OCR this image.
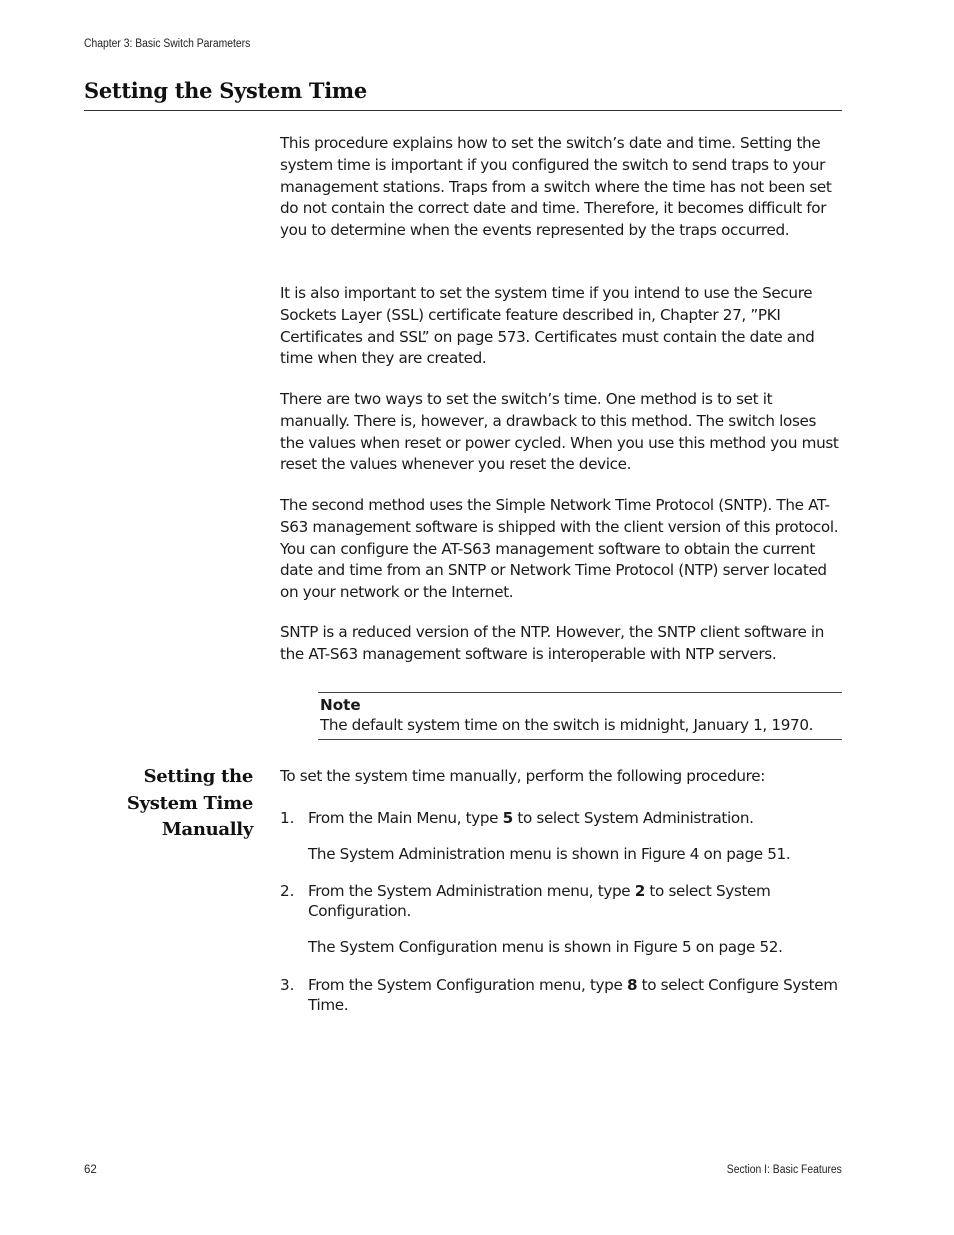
Chapter 3: Basic Switch Parameters
Setting the System Time

This procedure explains how to set the switch’s date and time. Setting the system time is important if you configured the switch to send traps to your management stations. Traps from a switch where the time has not been set do not contain the correct date and time. Therefore, it becomes difficult for you to determine when the events represented by the traps occurred.

It is also important to set the system time if you intend to use the Secure Sockets Layer (SSL) certificate feature described in, Chapter 27, ”PKI Certificates and SSL” on page 573. Certificates must contain the date and time when they are created.

There are two ways to set the switch’s time. One method is to set it manually. There is, however, a drawback to this method. The switch loses the values when reset or power cycled. When you use this method you must reset the values whenever you reset the device.

The second method uses the Simple Network Time Protocol (SNTP). The AT-S63 management software is shipped with the client version of this protocol. You can configure the AT-S63 management software to obtain the current date and time from an SNTP or Network Time Protocol (NTP) server located on your network or the Internet.

SNTP is a reduced version of the NTP. However, the SNTP client software in the AT-S63 management software is interoperable with NTP servers.

Note
The default system time on the switch is midnight, January 1, 1970.
Setting the
System Time
Manually
To set the system time manually, perform the following procedure:
1. From the Main Menu, type 5 to select System Administration.
The System Administration menu is shown in Figure 4 on page 51.
2. From the System Administration menu, type 2 to select System Configuration.
The System Configuration menu is shown in Figure 5 on page 52.
3. From the System Configuration menu, type 8 to select Configure System Time.
62	Section I: Basic Features
